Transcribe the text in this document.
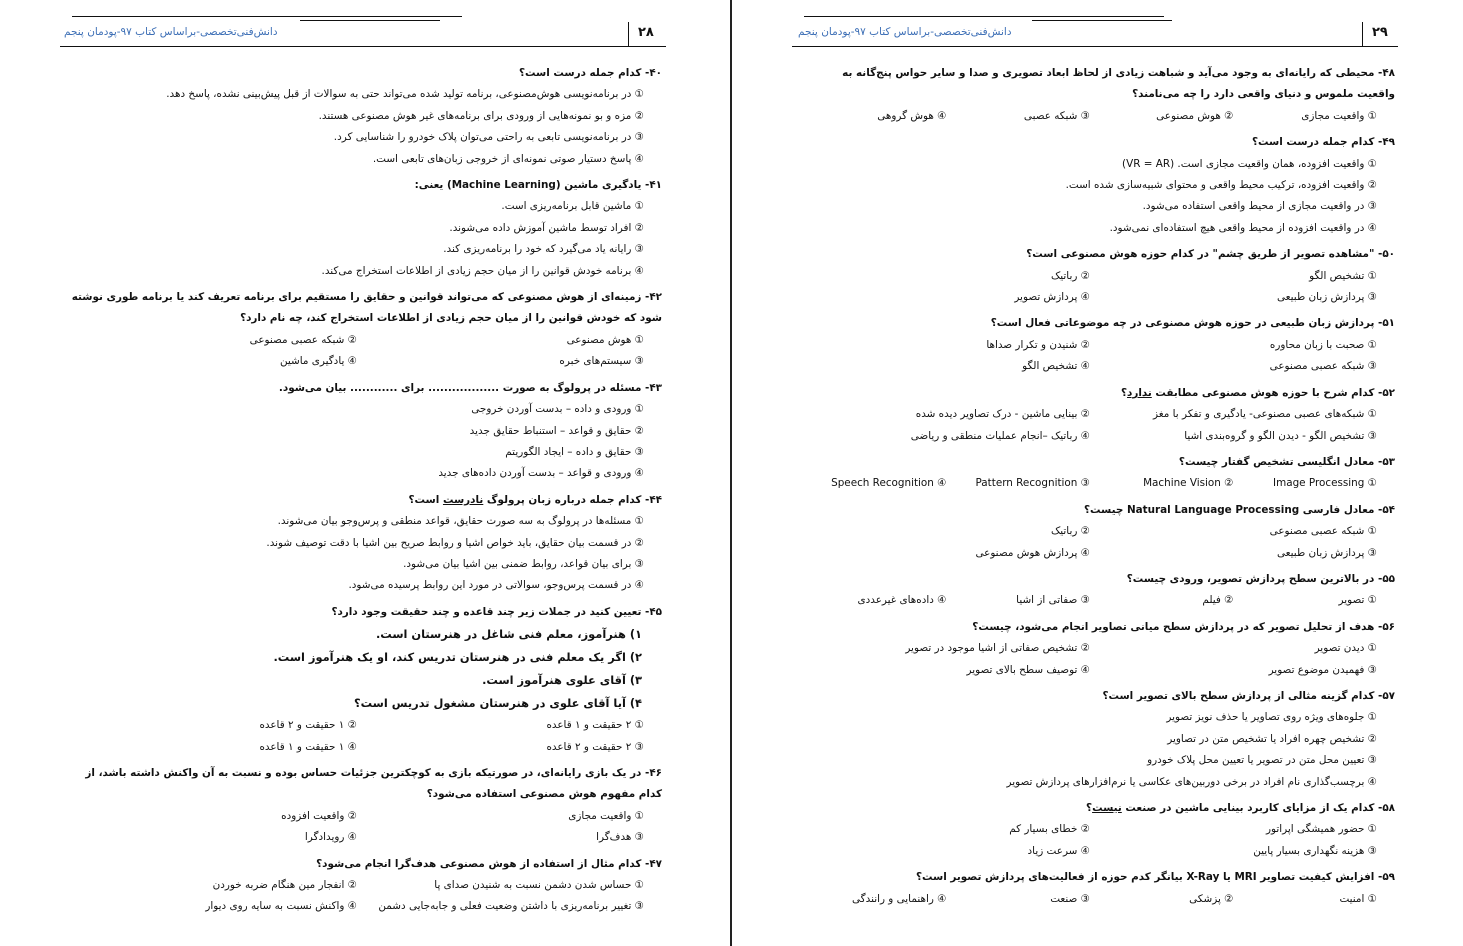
دانش‌فنی‌تخصصی-براساس کتاب ۹۷-پودمان پنجم	۲۸
۴۰- کدام جمله درست است؟
① در برنامه‌نویسی هوش‌مصنوعی، برنامه تولید شده می‌تواند حتی به سوالات از قبل پیش‌بینی نشده، پاسخ دهد.
② مزه و بو نمونه‌هایی از ورودی برای برنامه‌های غیر هوش مصنوعی هستند.
③ در برنامه‌نویسی تابعی به راحتی می‌توان پلاک خودرو را شناسایی کرد.
④ پاسخ دستیار صوتی نمونه‌ای از خروجی زبان‌های تابعی است.
۴۱- یادگیری ماشین (Machine Learning) یعنی:
① ماشین قابل برنامه‌ریزی است.
② افراد توسط ماشین آموزش داده می‌شوند.
③ رایانه یاد می‌گیرد که خود را برنامه‌ریزی کند.
④ برنامه خودش قوانین را از میان حجم زیادی از اطلاعات استخراج می‌کند.
۴۲- زمینه‌ای از هوش مصنوعی که می‌تواند قوانین و حقایق را مستقیم برای برنامه تعریف کند یا برنامه طوری نوشته شود که خودش قوانین را از میان حجم زیادی از اطلاعات استخراج کند، چه نام دارد؟
① هوش مصنوعی
② شبکه عصبی مصنوعی
③ سیستم‌های خبره
④ یادگیری ماشین
۴۳- مسئله در پرولوگ به صورت .................. برای ............ بیان می‌شود.
① ورودی و داده – بدست آوردن خروجی
② حقایق و قواعد – استنباط حقایق جدید
③ حقایق و داده – ایجاد الگوریتم
④ ورودی و قواعد – بدست آوردن داده‌های جدید
۴۴- کدام جمله درباره زبان پرولوگ نادرست است؟
① مسئله‌ها در پرولوگ به سه صورت حقایق، قواعد منطقی و پرس‌وجو بیان می‌شوند.
② در قسمت بیان حقایق، باید خواص اشیا و روابط صریح بین اشیا با دقت توصیف شوند.
③ برای بیان قواعد، روابط ضمنی بین اشیا بیان می‌شود.
④ در قسمت پرس‌وجو، سوالاتی در مورد این روابط پرسیده می‌شود.
۴۵- تعیین کنید در جملات زیر چند قاعده و چند حقیقت وجود دارد؟
۱) هنرآموز، معلم فنی شاغل در هنرستان است.
۲) اگر یک معلم فنی در هنرستان تدریس کند، او یک هنرآموز است.
۳) آقای علوی هنرآموز است.
۴) آیا آقای علوی در هنرستان مشغول تدریس است؟
① ۲ حقیقت و ۱ قاعده
② ۱ حقیقت و ۲ قاعده
③ ۲ حقیقت و ۲ قاعده
④ ۱ حقیقت و ۱ قاعده
۴۶- در یک بازی رایانه‌ای، در صورتیکه بازی به کوچکترین جزئیات حساس بوده و نسبت به آن واکنش داشته باشد، از کدام مفهوم هوش مصنوعی استفاده می‌شود؟
① واقعیت مجازی
② واقعیت افزوده
③ هدف‌گرا
④ رویدادگرا
۴۷- کدام مثال از استفاده از هوش مصنوعی هدف‌گرا انجام می‌شود؟
① حساس شدن دشمن نسبت به شنیدن صدای پا
② انفجار مین هنگام ضربه خوردن
③ تغییر برنامه‌ریزی با داشتن وضعیت فعلی و جابه‌جایی دشمن
④ واکنش نسبت به سایه روی دیوار
دانش‌فنی‌تخصصی-براساس کتاب ۹۷-پودمان پنجم	۲۹
۴۸- محیطی که رایانه‌ای به وجود می‌آید و شباهت زیادی از لحاظ ابعاد تصویری و صدا و سایر حواس پنج‌گانه به واقعیت ملموس و دنیای واقعی دارد را چه می‌نامند؟
① واقعیت مجازی
② هوش مصنوعی
③ شبکه عصبی
④ هوش گروهی
۴۹- کدام جمله درست است؟
① واقعیت افزوده، همان واقعیت مجازی است. (VR = AR)
② واقعیت افزوده، ترکیب محیط واقعی و محتوای شبیه‌سازی شده است.
③ در واقعیت مجازی از محیط واقعی استفاده می‌شود.
④ در واقعیت افزوده از محیط واقعی هیچ استفاده‌ای نمی‌شود.
۵۰- "مشاهده تصویر از طریق چشم" در کدام حوزه هوش مصنوعی است؟
① تشخیص الگو
② رباتیک
③ پردازش زبان طبیعی
④ پردازش تصویر
۵۱- پردازش زبان طبیعی در حوزه هوش مصنوعی در چه موضوعاتی فعال است؟
① صحبت با زبان محاوره
② شنیدن و تکرار صداها
③ شبکه عصبی مصنوعی
④ تشخیص الگو
۵۲- کدام شرح با حوزه هوش مصنوعی مطابقت ندارد؟
① شبکه‌های عصبی مصنوعی- یادگیری و تفکر با مغز
② بینایی ماشین - درک تصاویر دیده شده
③ تشخیص الگو - دیدن الگو و گروه‌بندی اشیا
④ رباتیک –انجام عملیات منطقی و ریاضی
۵۳- معادل انگلیسی تشخیص گفتار چیست؟
① Image Processing
② Machine Vision
③ Pattern Recognition
④ Speech Recognition
۵۴- معادل فارسی Natural Language Processing چیست؟
① شبکه عصبی مصنوعی
② رباتیک
③ پردازش زبان طبیعی
④ پردازش هوش مصنوعی
۵۵- در بالاترین سطح پردازش تصویر، ورودی چیست؟
① تصویر
② فیلم
③ صفاتی از اشیا
④ داده‌های غیرعددی
۵۶- هدف از تحلیل تصویر که در پردازش سطح میانی تصاویر انجام می‌شود، چیست؟
① دیدن تصویر
② تشخیص صفاتی از اشیا موجود در تصویر
③ فهمیدن موضوع تصویر
④ توصیف سطح بالای تصویر
۵۷- کدام گزینه مثالی از پردازش سطح بالای تصویر است؟
① جلوه‌های ویژه روی تصاویر یا حذف نویز تصویر
② تشخیص چهره افراد یا تشخیص متن در تصاویر
③ تعیین محل متن در تصویر یا تعیین محل پلاک خودرو
④ برچسب‌گذاری نام افراد در برخی دوربین‌های عکاسی یا نرم‌افزارهای پردازش تصویر
۵۸- کدام یک از مزایای کاربرد بینایی ماشین در صنعت نیست؟
① حضور همیشگی اپراتور
② خطای بسیار کم
③ هزینه نگهداری بسیار پایین
④ سرعت زیاد
۵۹- افزایش کیفیت تصاویر MRI یا X-Ray بیانگر کدم حوزه از فعالیت‌های پردازش تصویر است؟
① امنیت
② پزشکی
③ صنعت
④ راهنمایی و رانندگی
